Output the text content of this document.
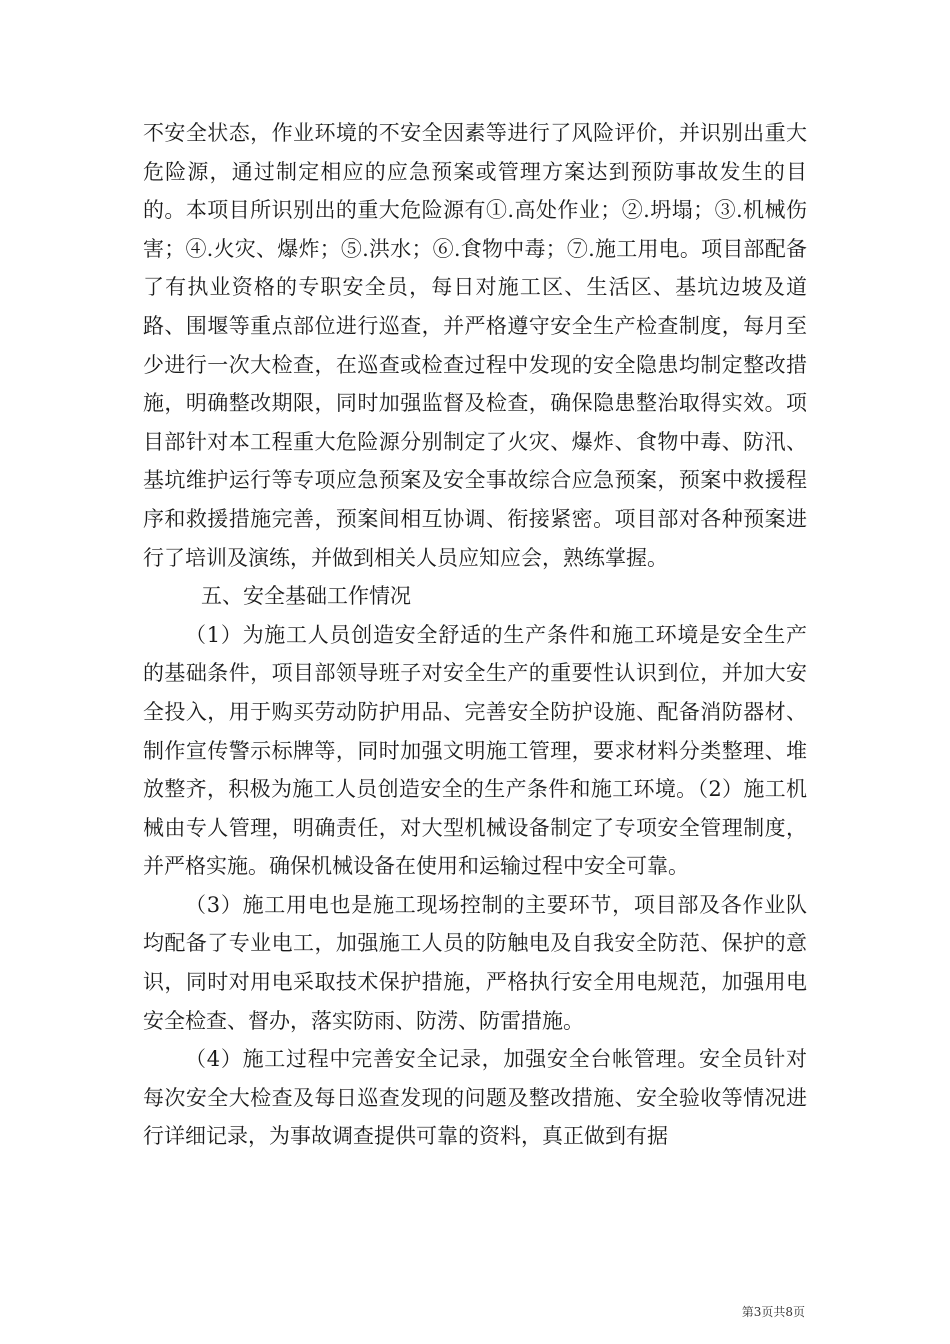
不安全状态，作业环境的不安全因素等进行了风险评价，并识别出重大危险源，通过制定相应的应急预案或管理方案达到预防事故发生的目的。本项目所识别出的重大危险源有①.高处作业；②.坍塌；③.机械伤害；④.火灾、爆炸；⑤.洪水；⑥.食物中毒；⑦.施工用电。项目部配备了有执业资格的专职安全员，每日对施工区、生活区、基坑边坡及道路、围堰等重点部位进行巡查，并严格遵守安全生产检查制度，每月至少进行一次大检查，在巡查或检查过程中发现的安全隐患均制定整改措施，明确整改期限，同时加强监督及检查，确保隐患整治取得实效。项目部针对本工程重大危险源分别制定了火灾、爆炸、食物中毒、防汛、基坑维护运行等专项应急预案及安全事故综合应急预案，预案中救援程序和救援措施完善，预案间相互协调、衔接紧密。项目部对各种预案进行了培训及演练，并做到相关人员应知应会，熟练掌握。

五、安全基础工作情况

（1）为施工人员创造安全舒适的生产条件和施工环境是安全生产的基础条件，项目部领导班子对安全生产的重要性认识到位，并加大安全投入，用于购买劳动防护用品、完善安全防护设施、配备消防器材、制作宣传警示标牌等，同时加强文明施工管理，要求材料分类整理、堆放整齐，积极为施工人员创造安全的生产条件和施工环境。（2）施工机械由专人管理，明确责任，对大型机械设备制定了专项安全管理制度，并严格实施。确保机械设备在使用和运输过程中安全可靠。

（3）施工用电也是施工现场控制的主要环节，项目部及各作业队均配备了专业电工，加强施工人员的防触电及自我安全防范、保护的意识，同时对用电采取技术保护措施，严格执行安全用电规范，加强用电安全检查、督办，落实防雨、防涝、防雷措施。

（4）施工过程中完善安全记录，加强安全台帐管理。安全员针对每次安全大检查及每日巡查发现的问题及整改措施、安全验收等情况进行详细记录，为事故调查提供可靠的资料，真正做到有据

第3页共8页
